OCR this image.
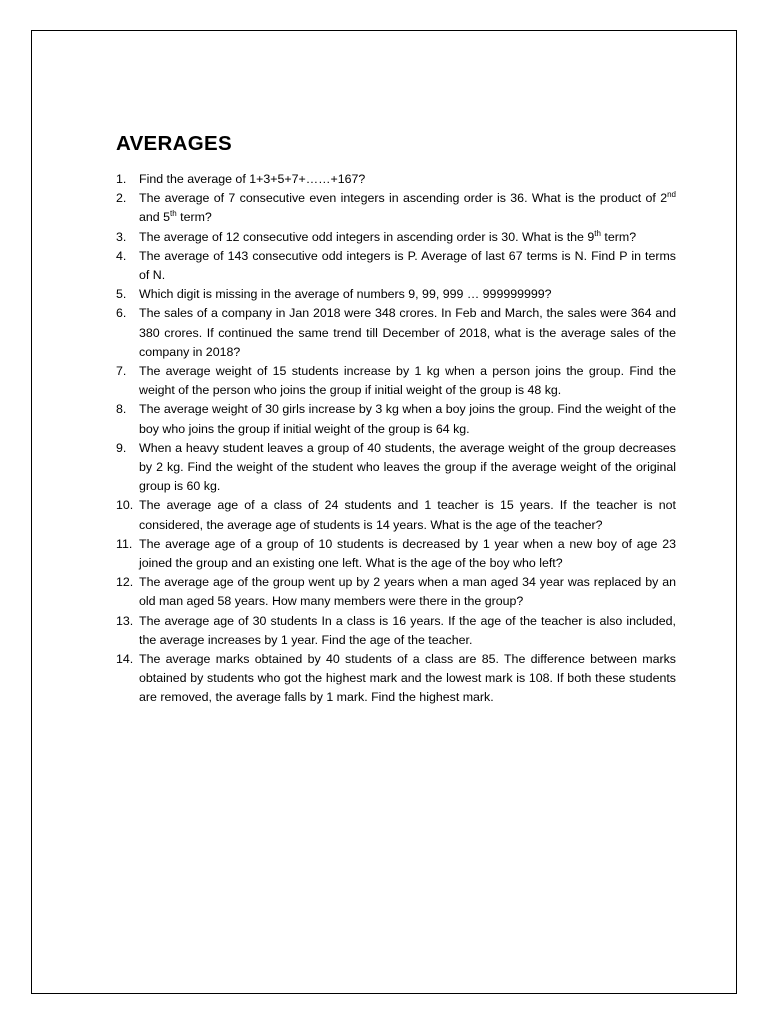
AVERAGES
1. Find the average of 1+3+5+7+……+167?
2. The average of 7 consecutive even integers in ascending order is 36. What is the product of 2nd and 5th term?
3. The average of 12 consecutive odd integers in ascending order is 30. What is the 9th term?
4. The average of 143 consecutive odd integers is P. Average of last 67 terms is N. Find P in terms of N.
5. Which digit is missing in the average of numbers 9, 99, 999 … 999999999?
6. The sales of a company in Jan 2018 were 348 crores. In Feb and March, the sales were 364 and 380 crores. If continued the same trend till December of 2018, what is the average sales of the company in 2018?
7. The average weight of 15 students increase by 1 kg when a person joins the group. Find the weight of the person who joins the group if initial weight of the group is 48 kg.
8. The average weight of 30 girls increase by 3 kg when a boy joins the group. Find the weight of the boy who joins the group if initial weight of the group is 64 kg.
9. When a heavy student leaves a group of 40 students, the average weight of the group decreases by 2 kg. Find the weight of the student who leaves the group if the average weight of the original group is 60 kg.
10. The average age of a class of 24 students and 1 teacher is 15 years. If the teacher is not considered, the average age of students is 14 years. What is the age of the teacher?
11. The average age of a group of 10 students is decreased by 1 year when a new boy of age 23 joined the group and an existing one left. What is the age of the boy who left?
12. The average age of the group went up by 2 years when a man aged 34 year was replaced by an old man aged 58 years. How many members were there in the group?
13. The average age of 30 students In a class is 16 years. If the age of the teacher is also included, the average increases by 1 year. Find the age of the teacher.
14. The average marks obtained by 40 students of a class are 85. The difference between marks obtained by students who got the highest mark and the lowest mark is 108. If both these students are removed, the average falls by 1 mark. Find the highest mark.
